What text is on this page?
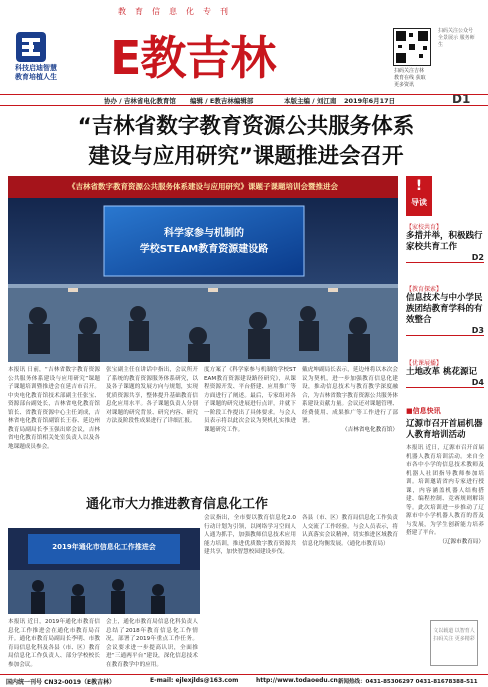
教育信息化专刊
科技启迪智慧
教育培植人生 E教吉林	扫码关注吉林教育在线 获取更多资讯
扫码关注公众号 全景展示 服务师生
D1
协办 / 吉林省电化教育馆 编辑 / E教吉林编辑部	本版主编 / 刘江南 2019年6月17日
“吉林省数字教育资源公共服务体系
建设与应用研究”课题推进会召开
《吉林省数字教育资源公共服务体系建设与应用研究》课题子课题培训会暨推进会
科学家参与机制的
学校STEAM教育资源建设路
本报讯 日前，“吉林省数字教育资源公共服务体系建设与应用研究”课题子课题培训暨推进会在延吉市召开。中央电化教育馆技术部副主任张宝、资源部台副处长，吉林省电化教育馆馆长、省教育资源中心主任刘成，吉林省电化教育馆副馆长王春、延边州教育局副局长李玉强出席会议，吉林省电化教育馆相关处室负责人以及各地课题成员参会。
张宝副主任在讲话中指出，会议所开了系统的教育资源服务体系研究，以及各子课题的发展方向与规划，实现优质资源共享，整体提升基础教育信息化应用水平。各子课题负责人分别对课题的研究背景、研究内容、研究方法及阶段性成果进行了详细汇报。
度方案了《科学家参与机制的学校STEAM教育资源建设路径研究》，从课程资源开发、平台搭建、应用推广等方面进行了阐述。最后，专家组对各子课题的研究进展进行点评，并就下一阶段工作提出了具体要求。与会人员表示将以此次会议为契机扎实推进课题研究工作。
戴虎坤副局长表示，延边州将以本次会议为契机，进一步加强教育信息化建设，推动信息技术与教育教学深度融合，为吉林省数字教育资源公共服务体系建设贡献力量。会议还对课题管理、经费使用、成果推广等工作进行了部署。
（吉林省电化教育馆）
通化市大力推进教育信息化工作
2019年通化市信息化工作推进会
本报讯 近日，2019年通化市教育信息化工作推进会在通化市教育局召开。通化市教育局副局长李明、市教育局信息化科及各县（市、区）教育局信息化工作负责人、部分学校校长参加会议。
会上，通化市教育局信息化科负责人总结了2018年教育信息化工作情况，部署了2019年重点工作任务。会议要求进一步提高认识，全面推进“三通两平台”建设，深化信息技术在教育教学中的应用。
会议指出，全市要以教育信息化2.0行动计划为引领，以网络学习空间人人通为抓手，加强教师信息技术应用能力培训，推进优质数字教育资源共建共享，加快智慧校园建设步伐。
各县（市、区）教育局信息化工作负责人交流了工作经验。与会人员表示，将认真落实会议精神，切实推进区域教育信息化均衡发展。（通化市教育局）
!
导读
【家校共育】
多措并举，积极践行家校共育工作
D2
【教育探索】
信息技术与中小学民族团结教育学科的有效整合
D3
【优课展播】
土地改革 桃花源记
D4
■信息快讯
辽源市召开首届机器人教育培训活动
本报讯 近日，辽源市召开首届机器人教育培训活动。来自全市各中小学的信息技术教师及机器人社团指导教师参加培训。培训邀请省内专家进行授课，内容涵盖机器人结构搭建、编程控制、竞赛规则解读等。此次培训进一步推动了辽源市中小学机器人教育的普及与发展，为学生创新能力培养搭建了平台。
（辽源市教育局）
文以载道 以智育人 扫码关注 更多精彩
国内统一刊号 CN32-0019（E教吉林）	E-mail: ejlexjlds@163.com	http://www.todaoedu.cn 新闻热线：0431-85306297 0431-81678388-511
